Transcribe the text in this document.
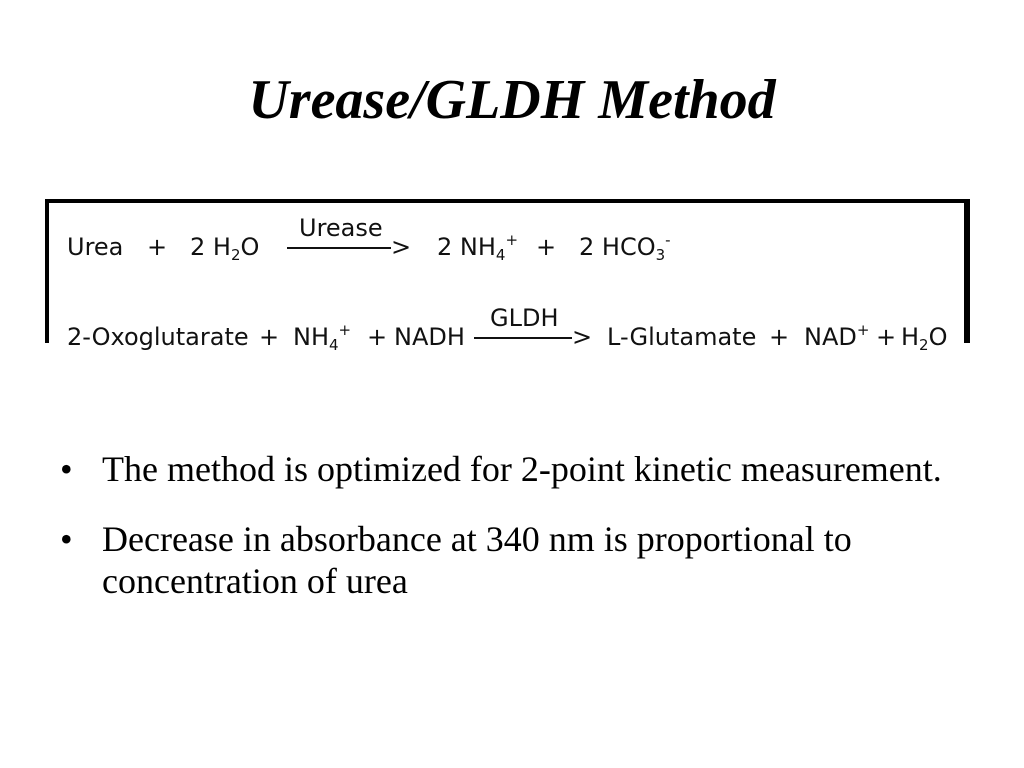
Urease/GLDH Method
Urea + 2 $H_2O$
Urease
> 2 $NH_4^+ + 2$ $HCO_3^-$
2-Oxoglutarate + $NH_4^+$ + NADH
GLDH
> L-Glutamate + $NAD^+ + H_2O$
• The method is optimized for 2-point kinetic measurement.
• Decrease in absorbance at 340 nm is proportional to concentration of urea
